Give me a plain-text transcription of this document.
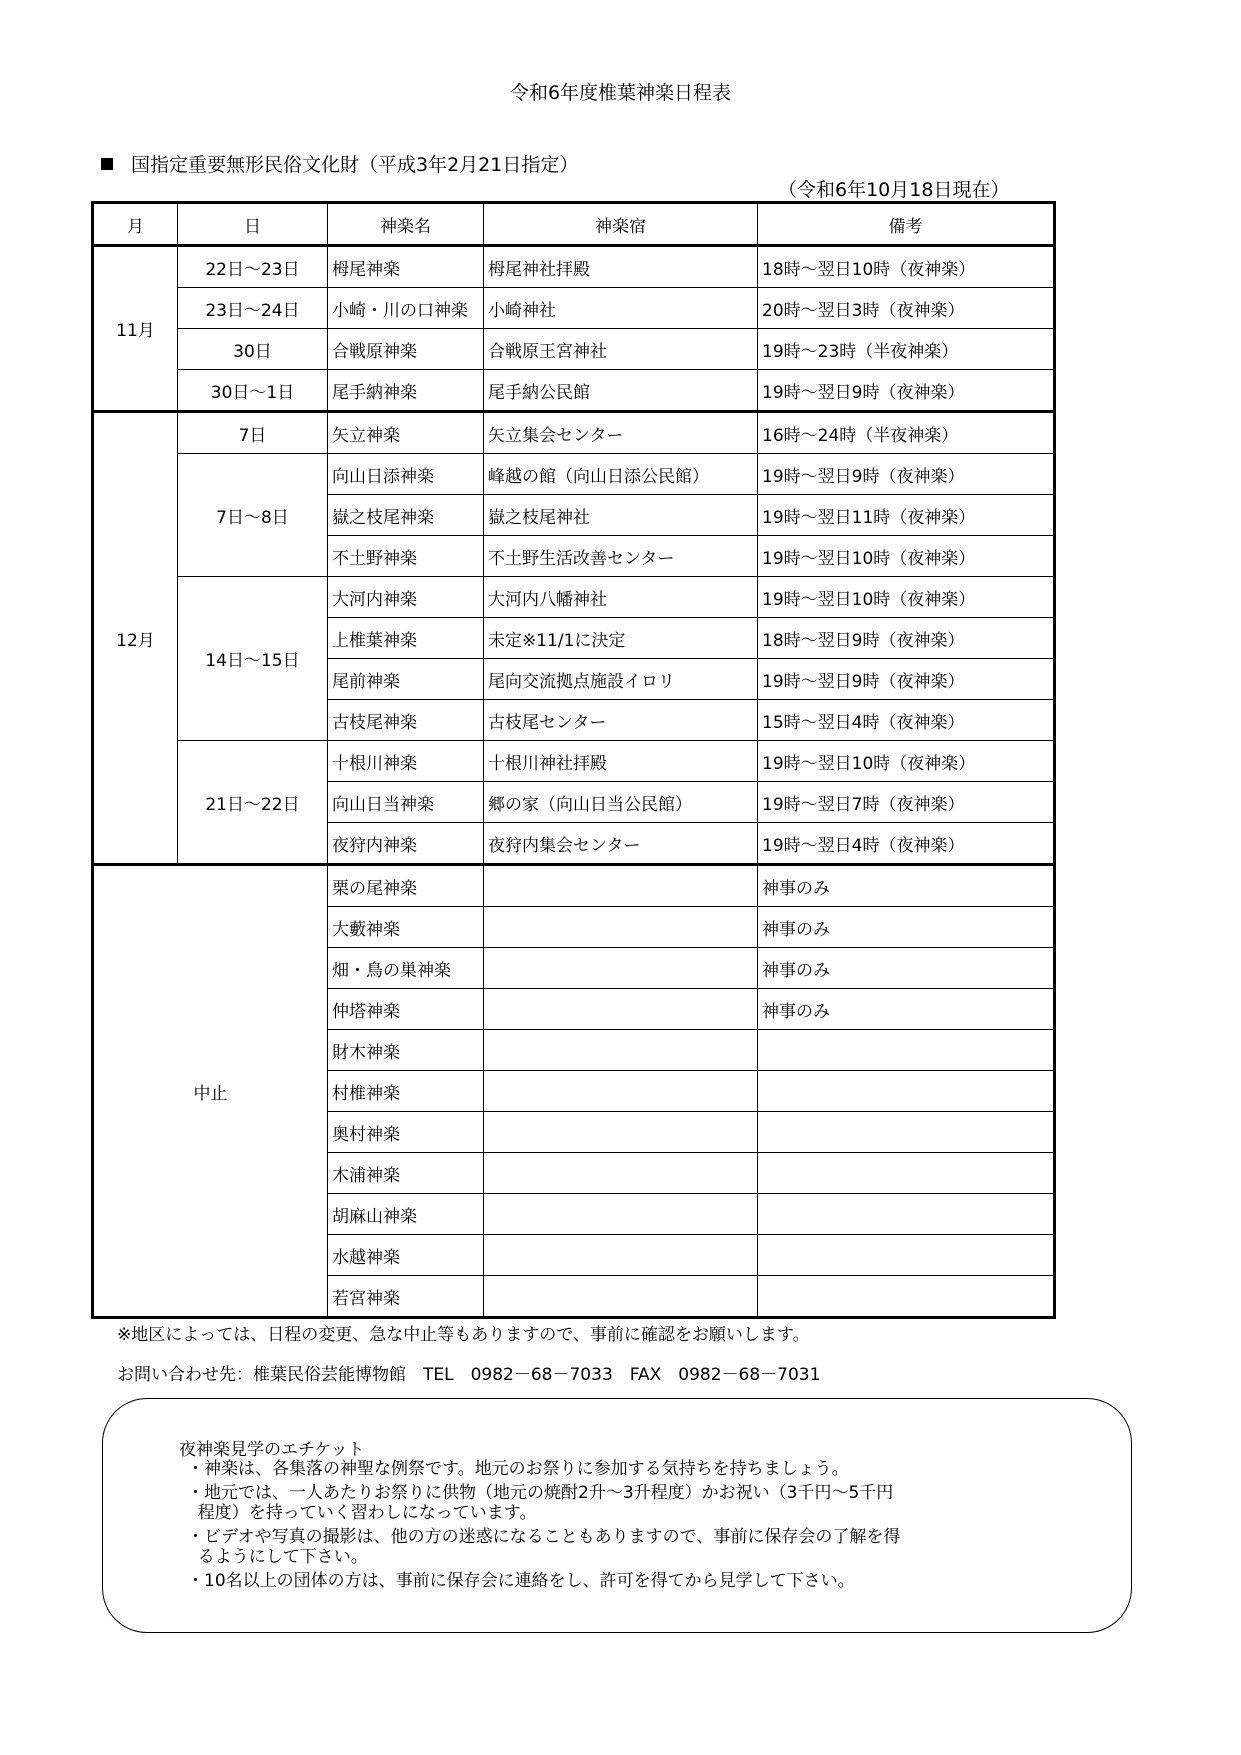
令和6年度椎葉神楽日程表
国指定重要無形民俗文化財（平成3年2月21日指定）
（令和6年10月18日現在）
月	日	神楽名	神楽宿	備考
11月	22日～23日	栂尾神楽	栂尾神社拝殿	18時～翌日10時（夜神楽）
	23日～24日	小崎・川の口神楽	小崎神社	20時～翌日3時（夜神楽）
	30日	合戦原神楽	合戦原王宮神社	19時～23時（半夜神楽）
	30日～1日	尾手納神楽	尾手納公民館	19時～翌日9時（夜神楽）
12月	7日	矢立神楽	矢立集会センター	16時～24時（半夜神楽）
	7日～8日	向山日添神楽	峰越の館（向山日添公民館）	19時～翌日9時（夜神楽）
		嶽之枝尾神楽	嶽之枝尾神社	19時～翌日11時（夜神楽）
		不土野神楽	不土野生活改善センター	19時～翌日10時（夜神楽）
	14日～15日	大河内神楽	大河内八幡神社	19時～翌日10時（夜神楽）
		上椎葉神楽	未定※11/1に決定	18時～翌日9時（夜神楽）
		尾前神楽	尾向交流拠点施設イロリ	19時～翌日9時（夜神楽）
		古枝尾神楽	古枝尾センター	15時～翌日4時（夜神楽）
	21日～22日	十根川神楽	十根川神社拝殿	19時～翌日10時（夜神楽）
		向山日当神楽	郷の家（向山日当公民館）	19時～翌日7時（夜神楽）
		夜狩内神楽	夜狩内集会センター	19時～翌日4時（夜神楽）
中止		栗の尾神楽		神事のみ
		大藪神楽		神事のみ
		畑・鳥の巣神楽		神事のみ
		仲塔神楽		神事のみ
		財木神楽		
		村椎神楽		
		奥村神楽		
		木浦神楽		
		胡麻山神楽		
		水越神楽		
		若宮神楽		
※地区によっては、日程の変更、急な中止等もありますので、事前に確認をお願いします。
お問い合わせ先：椎葉民俗芸能博物館　TEL　0982－68－7033　FAX　0982－68－7031
夜神楽見学のエチケット
・神楽は、各集落の神聖な例祭です。地元のお祭りに参加する気持ちを持ちましょう。
・地元では、一人あたりお祭りに供物（地元の焼酎2升～3升程度）かお祝い（3千円～5千円
程度）を持っていく習わしになっています。
・ビデオや写真の撮影は、他の方の迷惑になることもありますので、事前に保存会の了解を得
るようにして下さい。
・10名以上の団体の方は、事前に保存会に連絡をし、許可を得てから見学して下さい。
